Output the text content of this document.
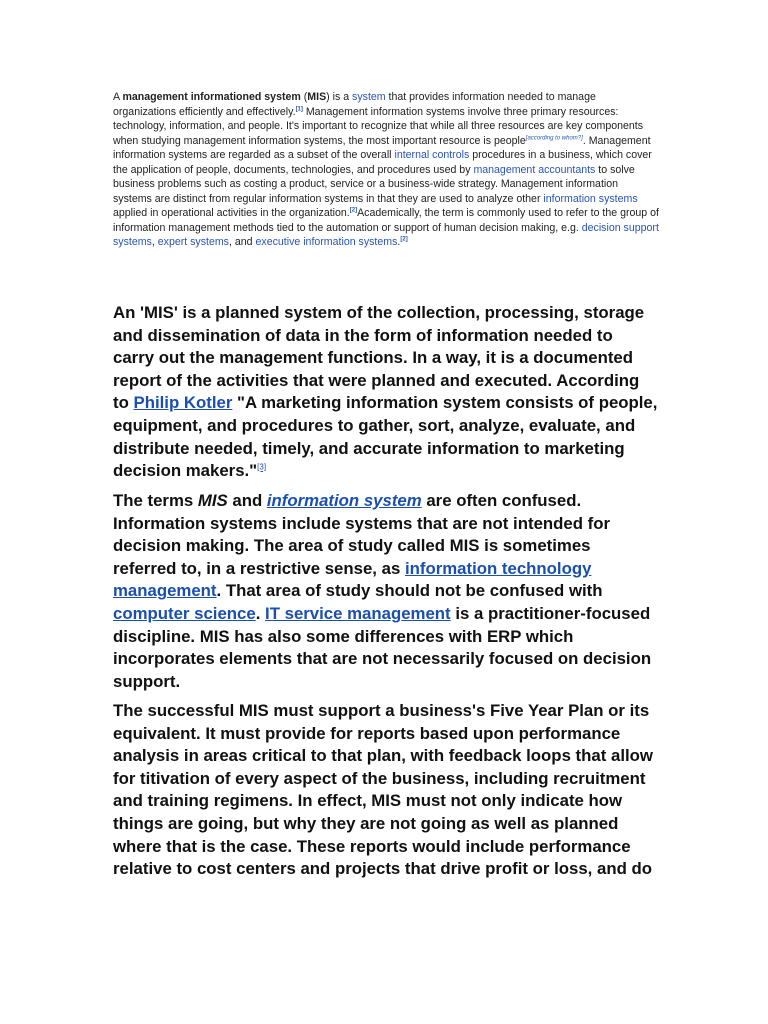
A management informationed system (MIS) is a system that provides information needed to manage organizations efficiently and effectively.[1] Management information systems involve three primary resources: technology, information, and people. It's important to recognize that while all three resources are key components when studying management information systems, the most important resource is people[according to whom?]. Management information systems are regarded as a subset of the overall internal controls procedures in a business, which cover the application of people, documents, technologies, and procedures used by management accountants to solve business problems such as costing a product, service or a business-wide strategy. Management information systems are distinct from regular information systems in that they are used to analyze other information systems applied in operational activities in the organization.[2]Academically, the term is commonly used to refer to the group of information management methods tied to the automation or support of human decision making, e.g. decision support systems, expert systems, and executive information systems.[2]

An 'MIS' is a planned system of the collection, processing, storage and dissemination of data in the form of information needed to carry out the management functions. In a way, it is a documented report of the activities that were planned and executed. According to Philip Kotler "A marketing information system consists of people, equipment, and procedures to gather, sort, analyze, evaluate, and distribute needed, timely, and accurate information to marketing decision makers."[3]

The terms MIS and information system are often confused. Information systems include systems that are not intended for decision making. The area of study called MIS is sometimes referred to, in a restrictive sense, as information technology management. That area of study should not be confused with computer science. IT service management is a practitioner-focused discipline. MIS has also some differences with ERP which incorporates elements that are not necessarily focused on decision support.

The successful MIS must support a business's Five Year Plan or its equivalent. It must provide for reports based upon performance analysis in areas critical to that plan, with feedback loops that allow for titivation of every aspect of the business, including recruitment and training regimens. In effect, MIS must not only indicate how things are going, but why they are not going as well as planned where that is the case. These reports would include performance relative to cost centers and projects that drive profit or loss, and do
